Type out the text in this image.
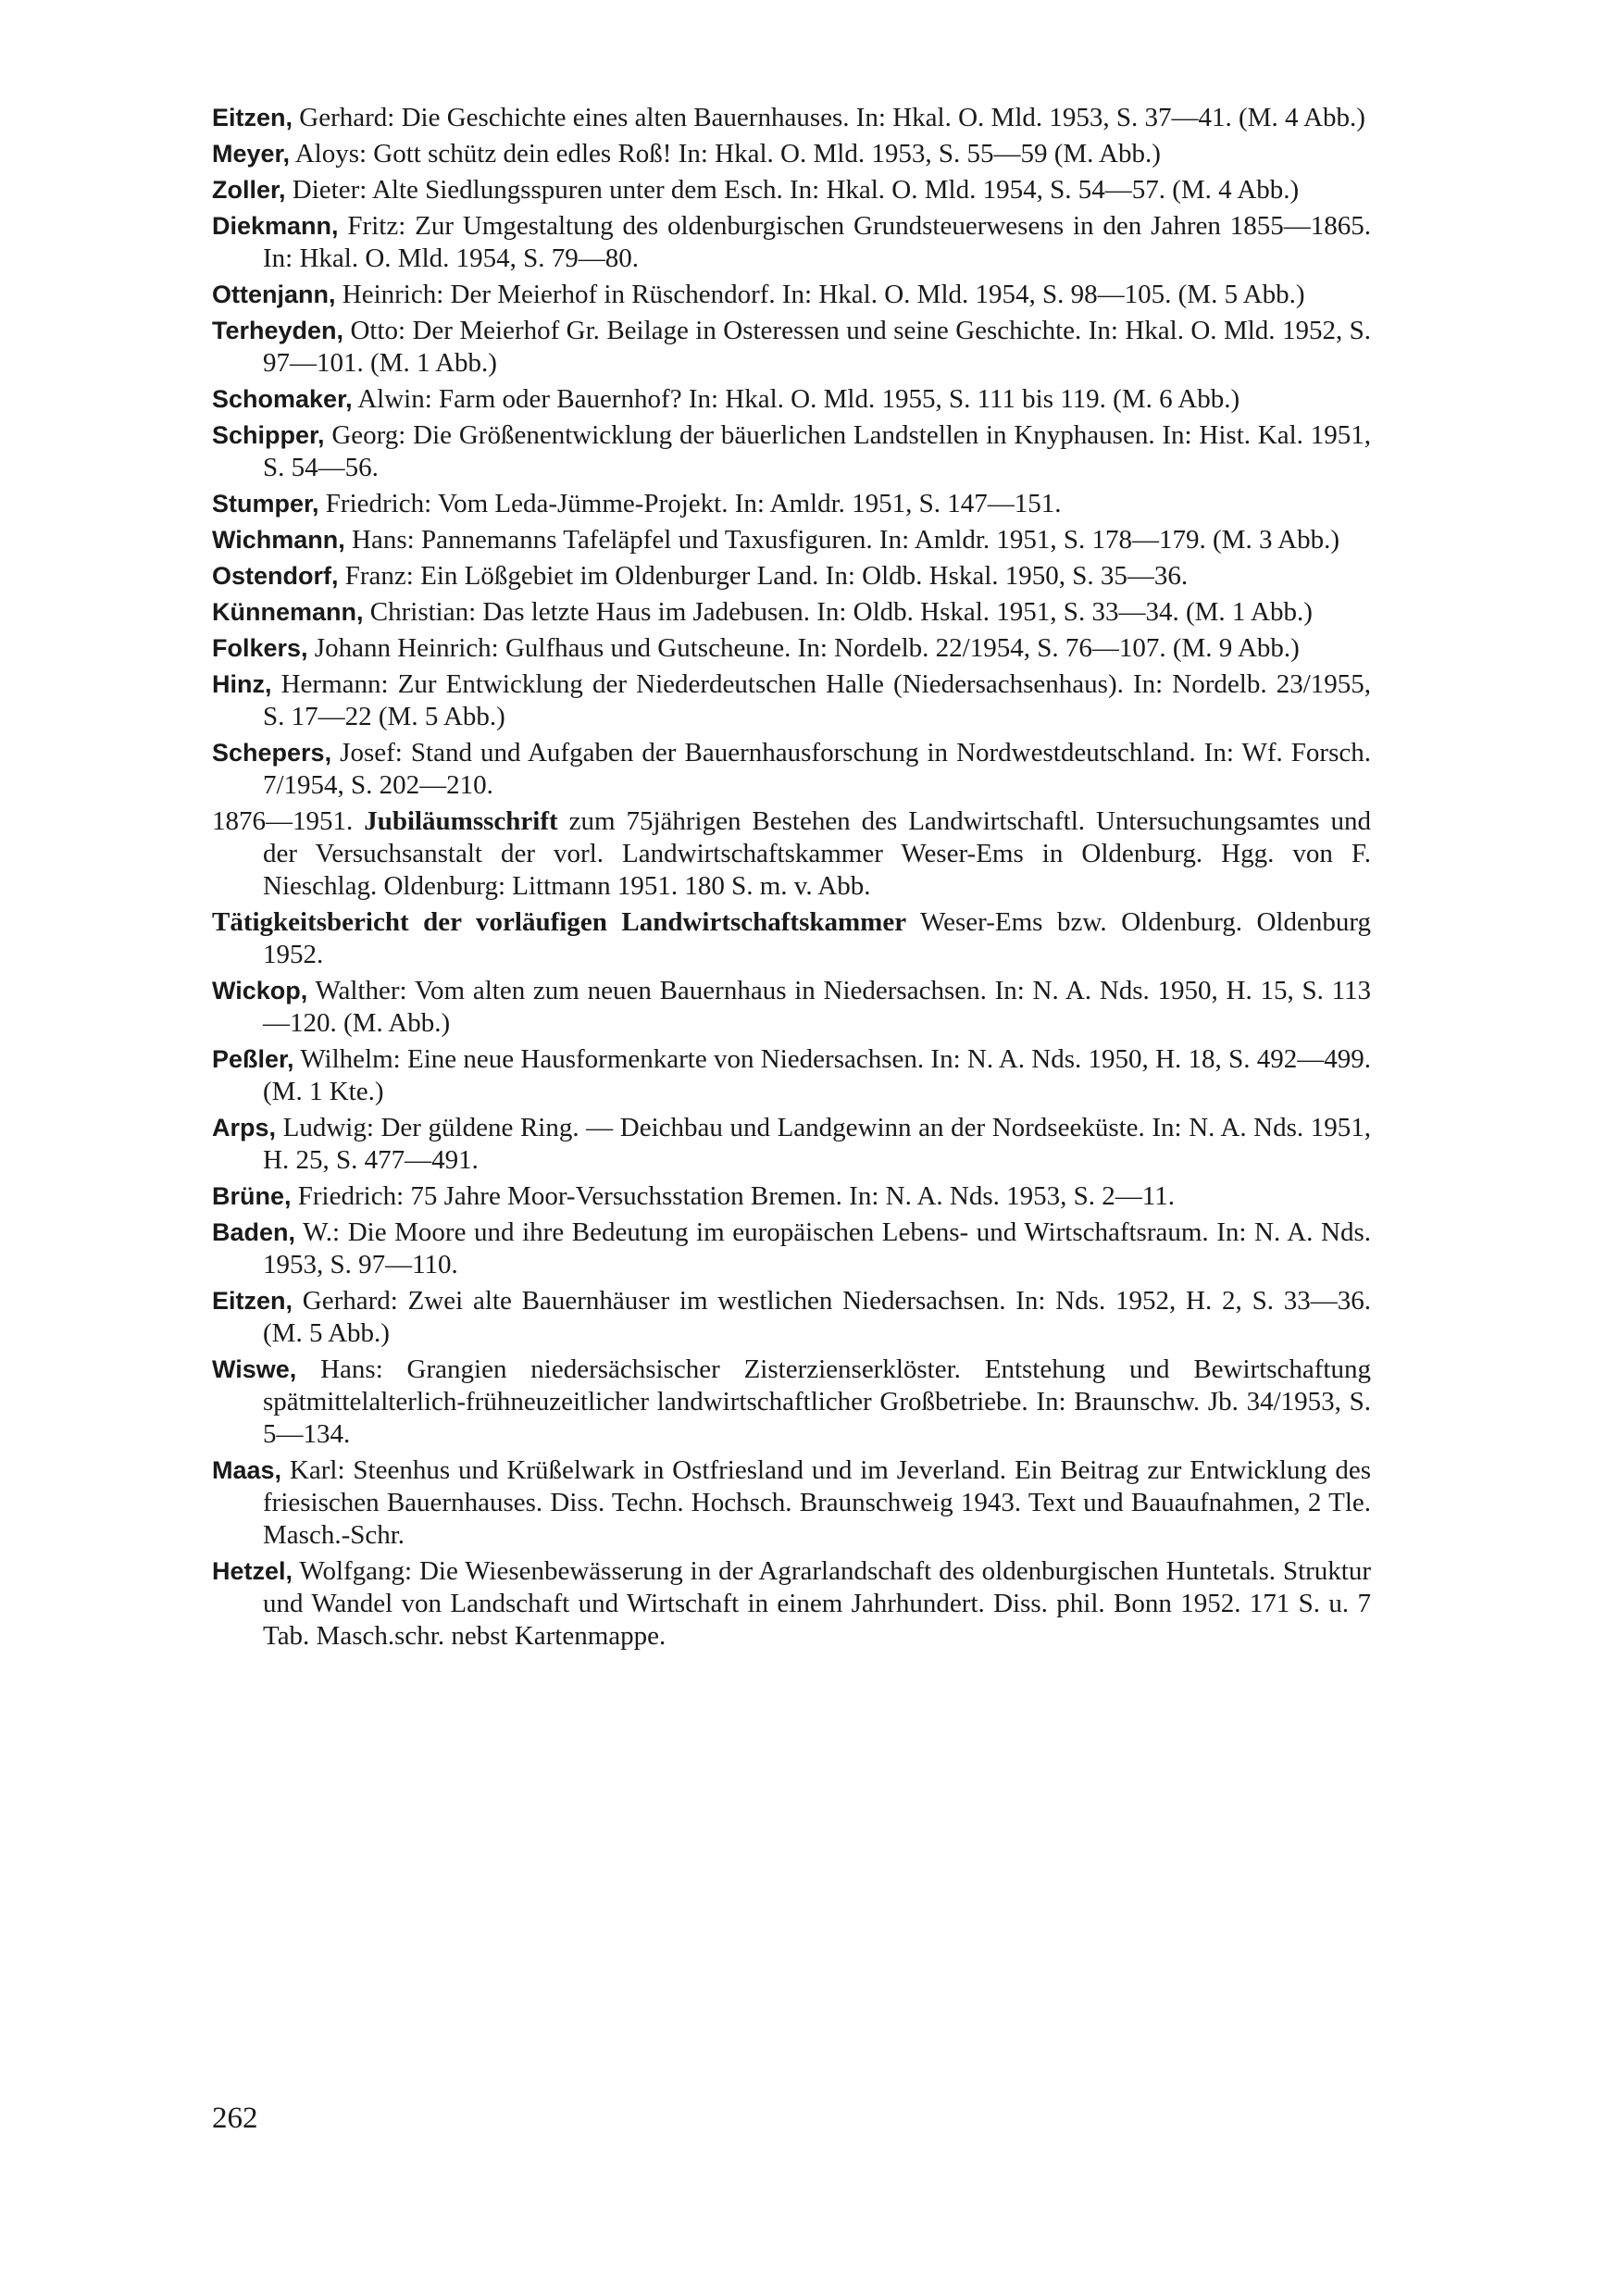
Eitzen, Gerhard: Die Geschichte eines alten Bauernhauses. In: Hkal. O. Mld. 1953, S. 37—41. (M. 4 Abb.)
Meyer, Aloys: Gott schütz dein edles Roß! In: Hkal. O. Mld. 1953, S. 55—59 (M. Abb.)
Zoller, Dieter: Alte Siedlungsspuren unter dem Esch. In: Hkal. O. Mld. 1954, S. 54—57. (M. 4 Abb.)
Diekmann, Fritz: Zur Umgestaltung des oldenburgischen Grundsteuerwesens in den Jahren 1855—1865. In: Hkal. O. Mld. 1954, S. 79—80.
Ottenjann, Heinrich: Der Meierhof in Rüschendorf. In: Hkal. O. Mld. 1954, S. 98—105. (M. 5 Abb.)
Terheyden, Otto: Der Meierhof Gr. Beilage in Osteressen und seine Geschichte. In: Hkal. O. Mld. 1952, S. 97—101. (M. 1 Abb.)
Schomaker, Alwin: Farm oder Bauernhof? In: Hkal. O. Mld. 1955, S. 111 bis 119. (M. 6 Abb.)
Schipper, Georg: Die Größenentwicklung der bäuerlichen Landstellen in Knyphausen. In: Hist. Kal. 1951, S. 54—56.
Stumper, Friedrich: Vom Leda-Jümme-Projekt. In: Amldr. 1951, S. 147—151.
Wichmann, Hans: Pannemanns Tafeläpfel und Taxusfiguren. In: Amldr. 1951, S. 178—179. (M. 3 Abb.)
Ostendorf, Franz: Ein Lößgebiet im Oldenburger Land. In: Oldb. Hskal. 1950, S. 35—36.
Künnemann, Christian: Das letzte Haus im Jadebusen. In: Oldb. Hskal. 1951, S. 33—34. (M. 1 Abb.)
Folkers, Johann Heinrich: Gulfhaus und Gutscheune. In: Nordelb. 22/1954, S. 76—107. (M. 9 Abb.)
Hinz, Hermann: Zur Entwicklung der Niederdeutschen Halle (Niedersachsenhaus). In: Nordelb. 23/1955, S. 17—22 (M. 5 Abb.)
Schepers, Josef: Stand und Aufgaben der Bauernhausforschung in Nordwestdeutschland. In: Wf. Forsch. 7/1954, S. 202—210.
1876—1951. Jubiläumsschrift zum 75jährigen Bestehen des Landwirtschaftl. Untersuchungsamtes und der Versuchsanstalt der vorl. Landwirtschaftskammer Weser-Ems in Oldenburg. Hgg. von F. Nieschlag. Oldenburg: Littmann 1951. 180 S. m. v. Abb.
Tätigkeitsbericht der vorläufigen Landwirtschaftskammer Weser-Ems bzw. Oldenburg. Oldenburg 1952.
Wickop, Walther: Vom alten zum neuen Bauernhaus in Niedersachsen. In: N. A. Nds. 1950, H. 15, S. 113—120. (M. Abb.)
Peßler, Wilhelm: Eine neue Hausformenkarte von Niedersachsen. In: N. A. Nds. 1950, H. 18, S. 492—499. (M. 1 Kte.)
Arps, Ludwig: Der güldene Ring. — Deichbau und Landgewinn an der Nordseeküste. In: N. A. Nds. 1951, H. 25, S. 477—491.
Brüne, Friedrich: 75 Jahre Moor-Versuchsstation Bremen. In: N. A. Nds. 1953, S. 2—11.
Baden, W.: Die Moore und ihre Bedeutung im europäischen Lebens- und Wirtschaftsraum. In: N. A. Nds. 1953, S. 97—110.
Eitzen, Gerhard: Zwei alte Bauernhäuser im westlichen Niedersachsen. In: Nds. 1952, H. 2, S. 33—36. (M. 5 Abb.)
Wiswe, Hans: Grangien niedersächsischer Zisterzienserklöster. Entstehung und Bewirtschaftung spätmittelalterlich-frühneuzeitlicher landwirtschaftlicher Großbetriebe. In: Braunschw. Jb. 34/1953, S. 5—134.
Maas, Karl: Steenhus und Krüßelwark in Ostfriesland und im Jeverland. Ein Beitrag zur Entwicklung des friesischen Bauernhauses. Diss. Techn. Hochsch. Braunschweig 1943. Text und Bauaufnahmen, 2 Tle. Masch.-Schr.
Hetzel, Wolfgang: Die Wiesenbewässerung in der Agrarlandschaft des oldenburgischen Huntetals. Struktur und Wandel von Landschaft und Wirtschaft in einem Jahrhundert. Diss. phil. Bonn 1952. 171 S. u. 7 Tab. Masch.schr. nebst Kartenmappe.
262
